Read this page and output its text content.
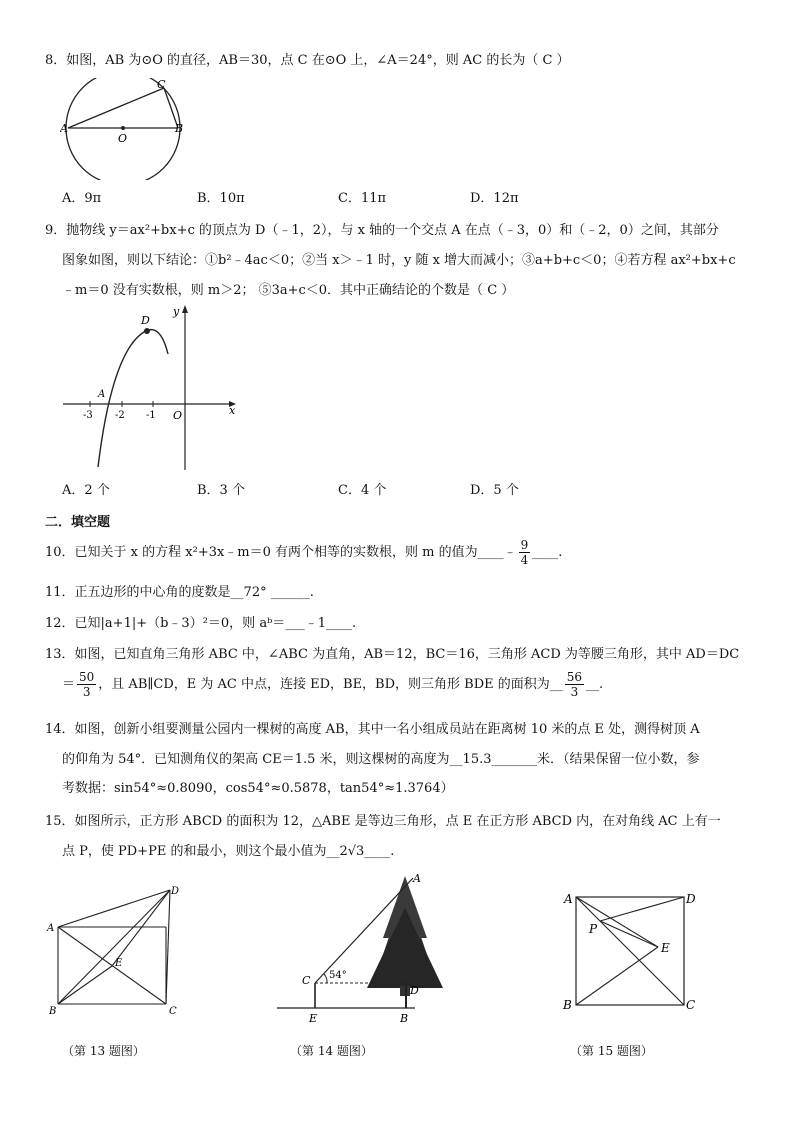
8．如图，AB 为⊙O 的直径，AB＝30，点 C 在⊙O 上，∠A＝24°，则 AC 的长为（ C ）
A	B
C
O
A．9π	B．10π	C．11π	D．12π
9．抛物线 y＝ax²+bx+c 的顶点为 D（﹣1，2），与 x 轴的一个交点 A 在点（﹣3，0）和（﹣2，0）之间，其部分
图象如图，则以下结论：①b²﹣4ac＜0；②当 x＞﹣1 时，y 随 x 增大而减小；③a+b+c＜0；④若方程 ax²+bx+c
﹣m＝0 没有实数根，则 m＞2； ⑤3a+c＜0．其中正确结论的个数是（ C ）
D
y
A
x
O
-3 -2 -1
A．2 个	B．3 个	C．4 个	D．5 个
二．填空题
10．已知关于 x 的方程 x²+3x﹣m＝0 有两个相等的实数根，则 m 的值为____﹣ $\frac{9}{4}$ ____.
11．正五边形的中心角的度数是__72° ______.
12．已知|a+1|+（b﹣3）²＝0，则 aᵇ＝___﹣1____.
13．如图，已知直角三角形 ABC 中，∠ABC 为直角，AB＝12，BC＝16，三角形 ACD 为等腰三角形，其中 AD＝DC
＝ $\frac{50}{3}$ ，且 AB∥CD，E 为 AC 中点，连接 ED，BE，BD，则三角形 BDE 的面积为__ $\frac{56}{3}$ __.
14．如图，创新小组要测量公园内一棵树的高度 AB，其中一名小组成员站在距离树 10 米的点 E 处，测得树顶 A
的仰角为 54°．已知测角仪的架高 CE＝1.5 米，则这棵树的高度为__15.3_______米．（结果保留一位小数，参
考数据：sin54°≈0.8090，cos54°≈0.5878，tan54°≈1.3764）
15．如图所示，正方形 ABCD 的面积为 12，△ABE 是等边三角形，点 E 在正方形 ABCD 内，在对角线 AC 上有一
点 P，使 PD+PE 的和最小，则这个最小值为__2√3____.
A
B	C
D
E
（第 13 题图）
A
C 54°
D
E	B
（第 14 题图）
A
B	C
D
E
P
（第 15 题图）
